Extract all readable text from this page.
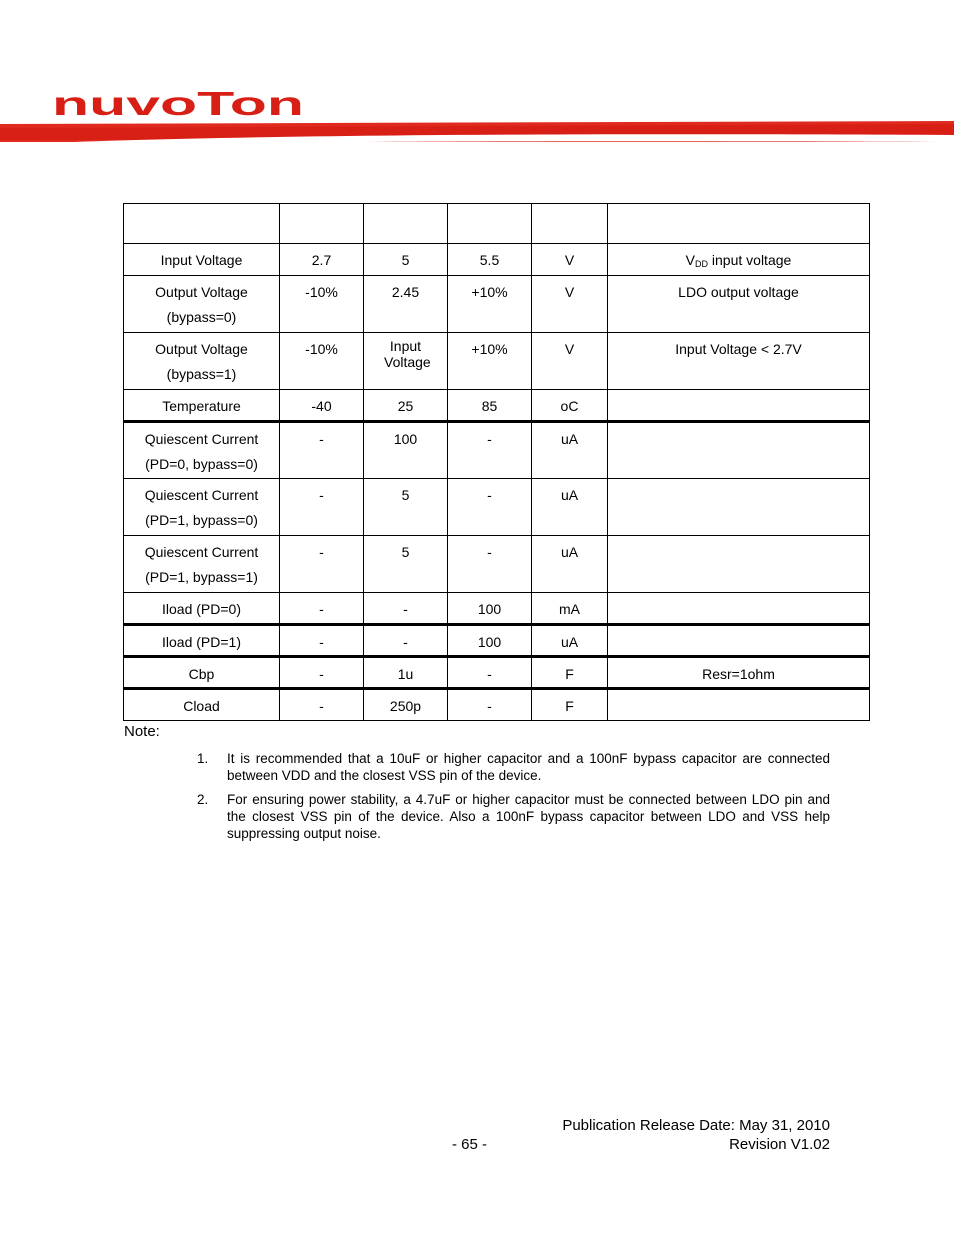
nuvoTon

Input Voltage	2.7	5	5.5	V	$V_{DD}$ input voltage

Output Voltage
(bypass=0)	-10%	2.45	+10%	V	LDO output voltage

Output Voltage
(bypass=1)	-10%	Input Voltage	+10%	V	Input Voltage < 2.7V
Temperature	-40	25	85	oC	

Quiescent Current
(PD=0, bypass=0)	-	100	-	uA	

Quiescent Current
(PD=1, bypass=0)	-	5	-	uA	

Quiescent Current
(PD=1, bypass=1)	-	5	-	uA	
Iload (PD=0)	-	-	100	mA	
Iload (PD=1)	-	-	100	uA	
Cbp	-	1u	-	F	Resr=1ohm
Cload	-	250p	-	F	
Note:
1.	It is recommended that a 10uF or higher capacitor and a 100nF bypass capacitor are connected between VDD and the closest VSS pin of the device.
2.	For ensuring power stability, a 4.7uF or higher capacitor must be connected between LDO pin and the closest VSS pin of the device. Also a 100nF bypass capacitor between LDO and VSS help suppressing output noise.
Publication Release Date: May 31, 2010
- 65 -	Revision V1.02
